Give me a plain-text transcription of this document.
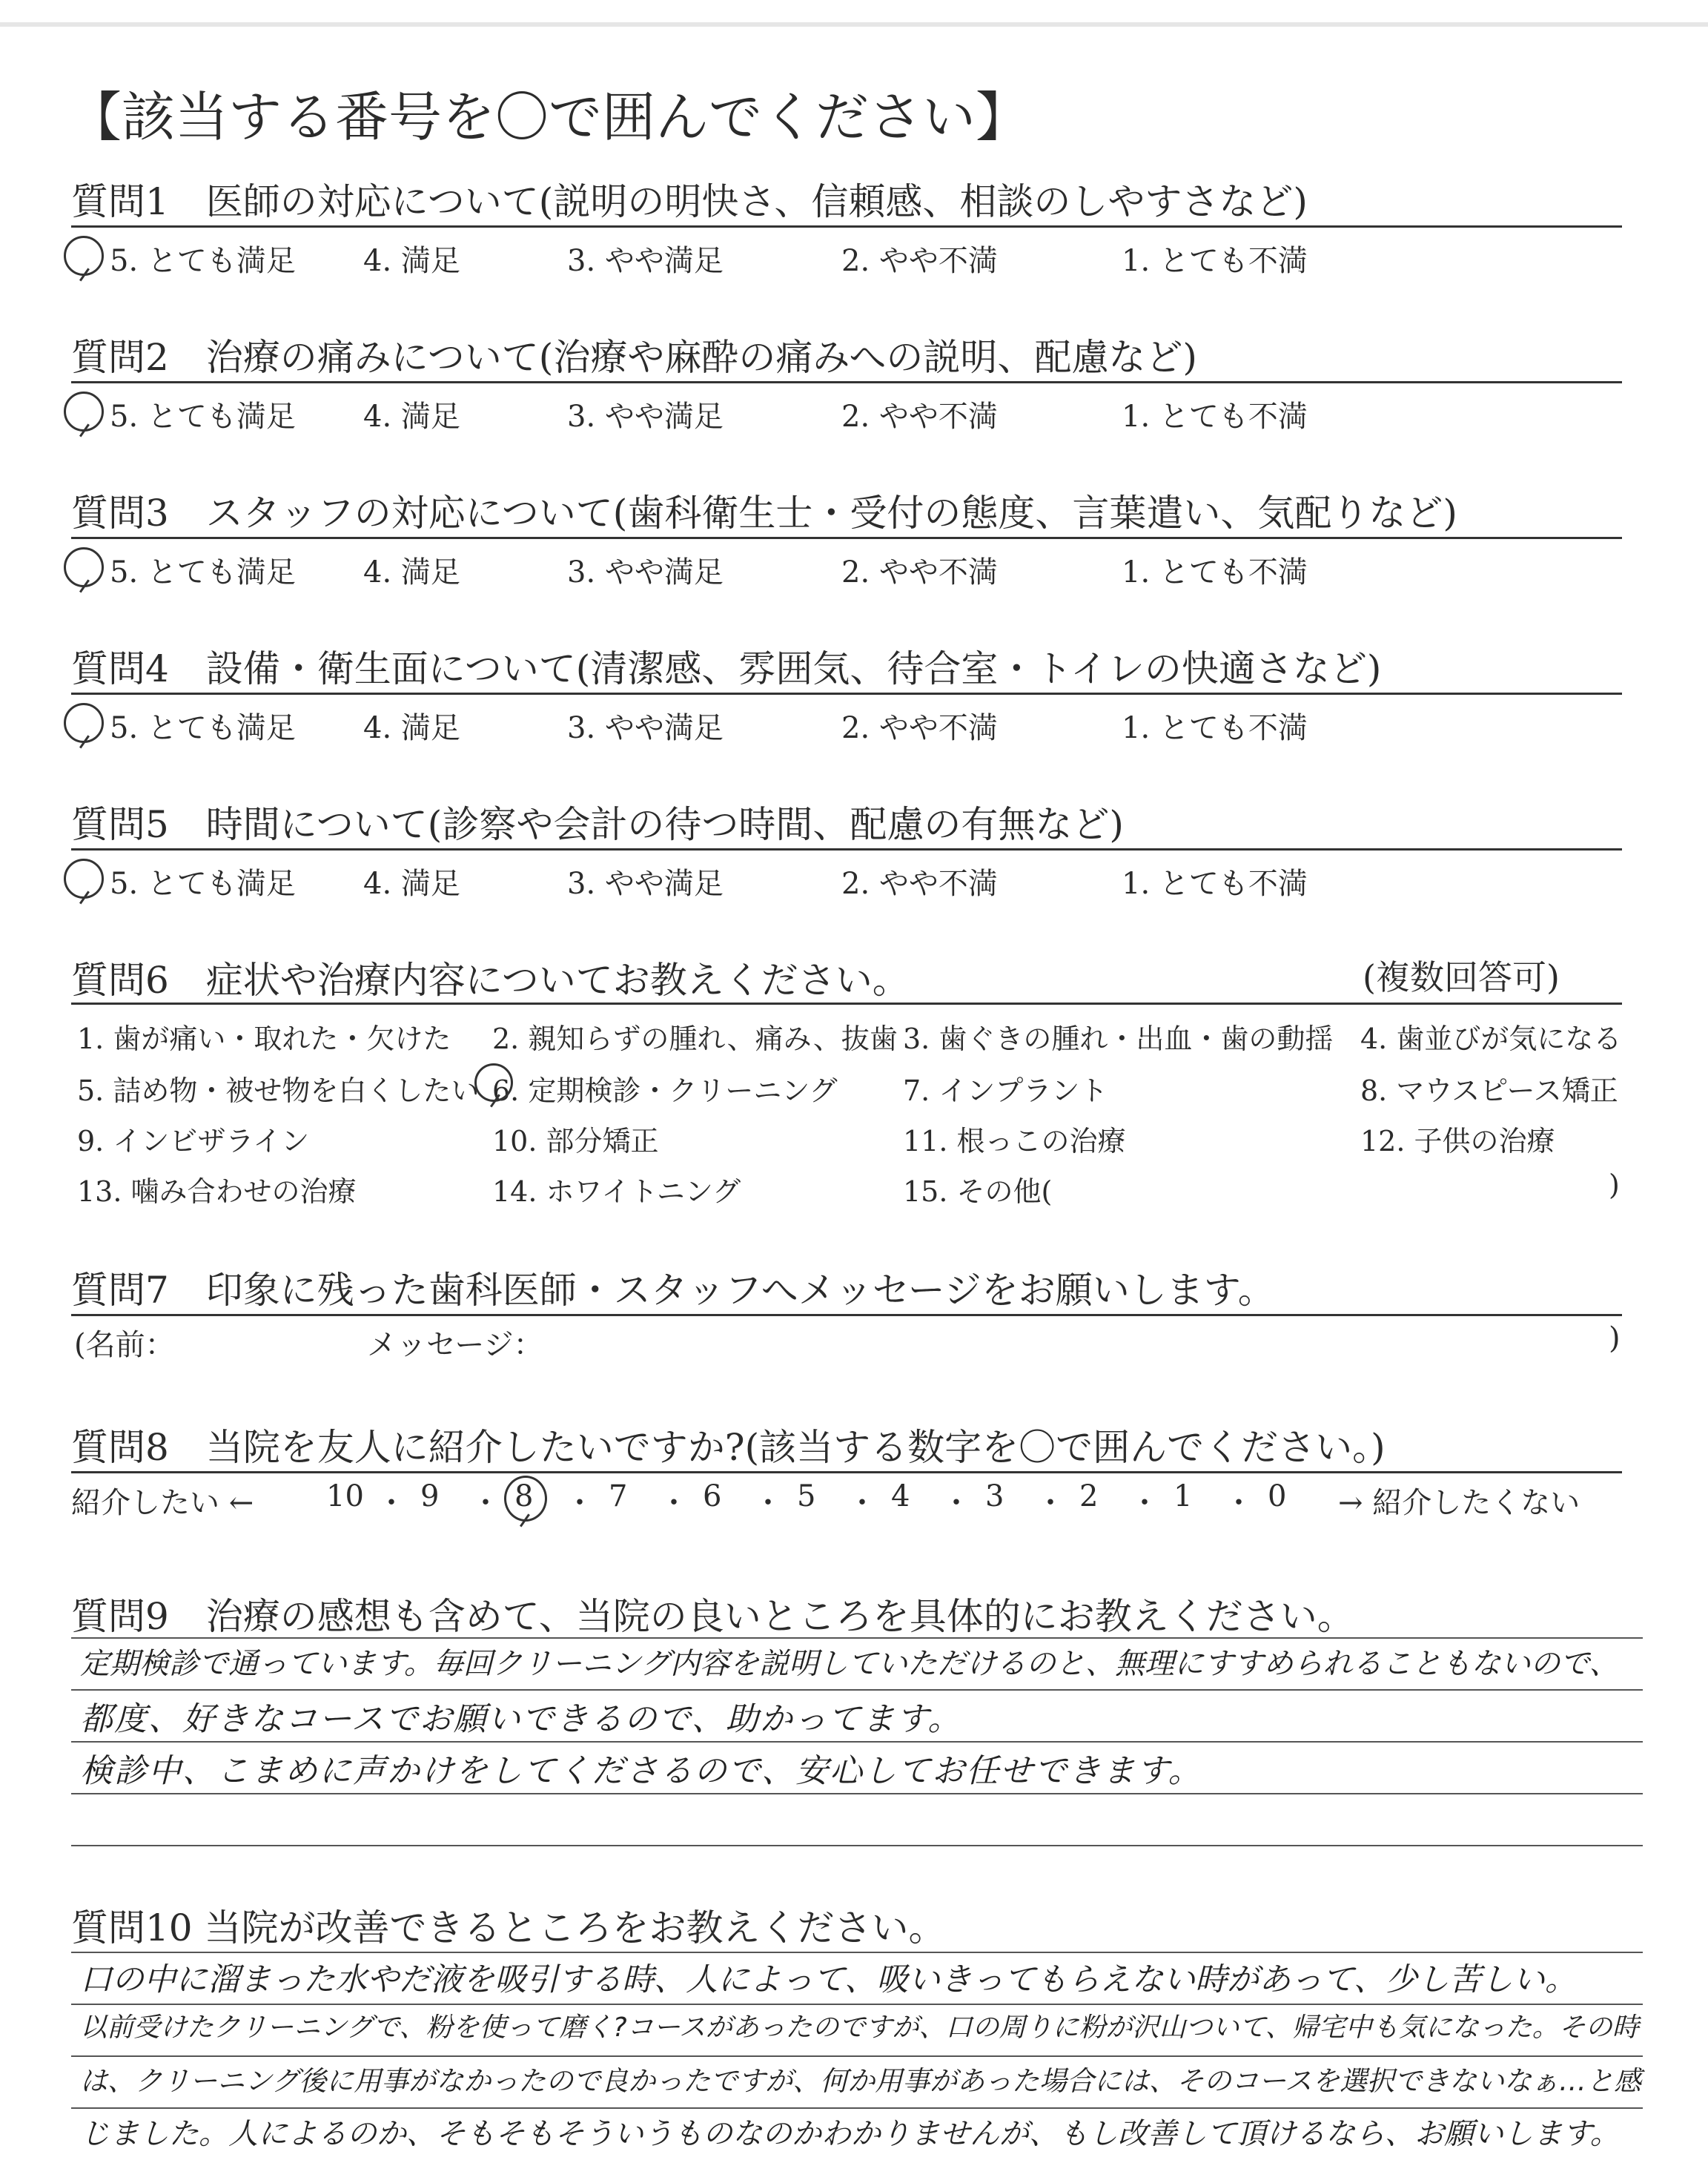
【該当する番号を〇で囲んでください】
質問1　医師の対応について(説明の明快さ、信頼感、相談のしやすさなど)
5. とても満足 4. 満足	3. やや満足	2. やや不満	1. とても不満
質問2　治療の痛みについて(治療や麻酔の痛みへの説明、配慮など)
5. とても満足 4. 満足	3. やや満足	2. やや不満	1. とても不満
質問3　スタッフの対応について(歯科衛生士・受付の態度、言葉遣い、気配りなど)
5. とても満足 4. 満足	3. やや満足	2. やや不満	1. とても不満
質問4　設備・衛生面について(清潔感、雰囲気、待合室・トイレの快適さなど)
5. とても満足 4. 満足	3. やや満足	2. やや不満	1. とても不満
質問5　時間について(診察や会計の待つ時間、配慮の有無など)
5. とても満足 4. 満足	3. やや満足	2. やや不満	1. とても不満
質問6　症状や治療内容についてお教えください。	(複数回答可)
1. 歯が痛い・取れた・欠けた 2. 親知らずの腫れ、痛み、抜歯 3. 歯ぐきの腫れ・出血・歯の動揺 4. 歯並びが気になる
5. 詰め物・被せ物を白くしたい 6. 定期検診・クリーニング 7. インプラント	8. マウスピース矯正
9. インビザライン	10. 部分矯正	11. 根っこの治療	12. 子供の治療
13. 噛み合わせの治療	14. ホワイトニング	15. その他(	)
質問7　印象に残った歯科医師・スタッフへメッセージをお願いします。
(名前：	メッセージ：	)
質問8　当院を友人に紹介したいですか?(該当する数字を〇で囲んでください。)
紹介したい ← 10 ・ 9 ・ 8 ・ 7 ・ 6 ・ 5 ・ 4 ・ 3 ・ 2 ・ 1 ・ 0 → 紹介したくない
質問9　治療の感想も含めて、当院の良いところを具体的にお教えください。
定期検診で通っています。毎回クリーニング内容を説明していただけるのと、無理にすすめられることもないので、
都度、好きなコースでお願いできるので、助かってます。
検診中、こまめに声かけをしてくださるので、安心してお任せできます。
質問10 当院が改善できるところをお教えください。
口の中に溜まった水やだ液を吸引する時、人によって、吸いきってもらえない時があって、少し苦しい。
以前受けたクリーニングで、粉を使って磨く?コースがあったのですが、口の周りに粉が沢山ついて、帰宅中も気になった。その時
は、クリーニング後に用事がなかったので良かったですが、何か用事があった場合には、そのコースを選択できないなぁ…と感
じました。人によるのか、そもそもそういうものなのかわかりませんが、もし改善して頂けるなら、お願いします。
